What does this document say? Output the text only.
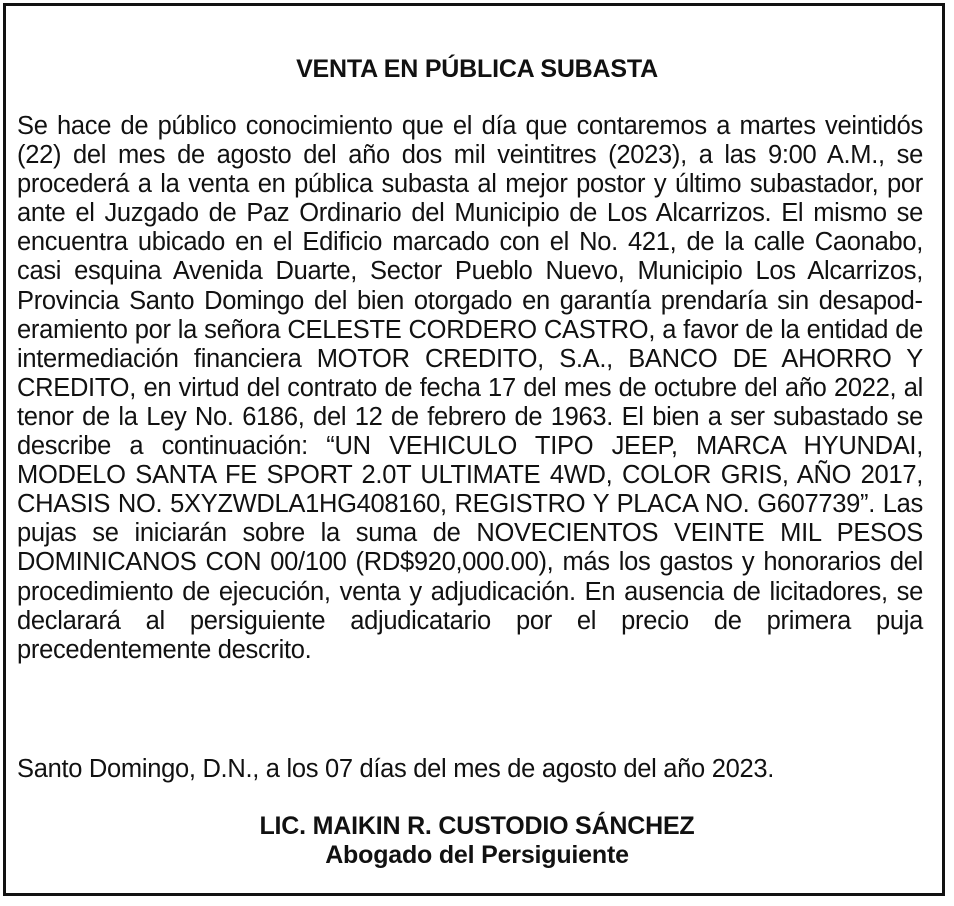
VENTA EN PÚBLICA SUBASTA
Se hace de público conocimiento que el día que contaremos a martes veintidós (22) del mes de agosto del año dos mil veintitres (2023), a las 9:00 A.M., se procederá a la venta en pública subasta al mejor postor y último subastador, por ante el Juzgado de Paz Ordinario del Municipio de Los Alcarrizos. El mismo se encuentra ubicado en el Edificio marcado con el No. 421, de la calle Caonabo, casi esquina Avenida Duarte, Sector Pueblo Nuevo, Municipio Los Alcarrizos, Provincia Santo Domingo del bien otorgado en garantía prendaría sin desapoderamiento por la señora CELESTE CORDERO CASTRO, a favor de la entidad de intermediación financiera MOTOR CREDITO, S.A., BANCO DE AHORRO Y CREDITO, en virtud del contrato de fecha 17 del mes de octubre del año 2022, al tenor de la Ley No. 6186, del 12 de febrero de 1963. El bien a ser subastado se describe a continuación: “UN VEHICULO TIPO JEEP, MARCA HYUNDAI, MODELO SANTA FE SPORT 2.0T ULTIMATE 4WD, COLOR GRIS, AÑO 2017, CHASIS NO. 5XYZWDLA1HG408160, REGISTRO Y PLACA NO. G607739”. Las pujas se iniciarán sobre la suma de NOVECIENTOS VEINTE MIL PESOS DOMINICANOS CON 00/100 (RD$920,000.00), más los gastos y honorarios del procedimiento de ejecución, venta y adjudicación. En ausencia de licitadores, se declarará al persiguiente adjudicatario por el precio de primera puja precedentemente descrito.
Santo Domingo, D.N., a los 07 días del mes de agosto del año 2023.
LIC. MAIKIN R. CUSTODIO SÁNCHEZ
Abogado del Persiguiente
